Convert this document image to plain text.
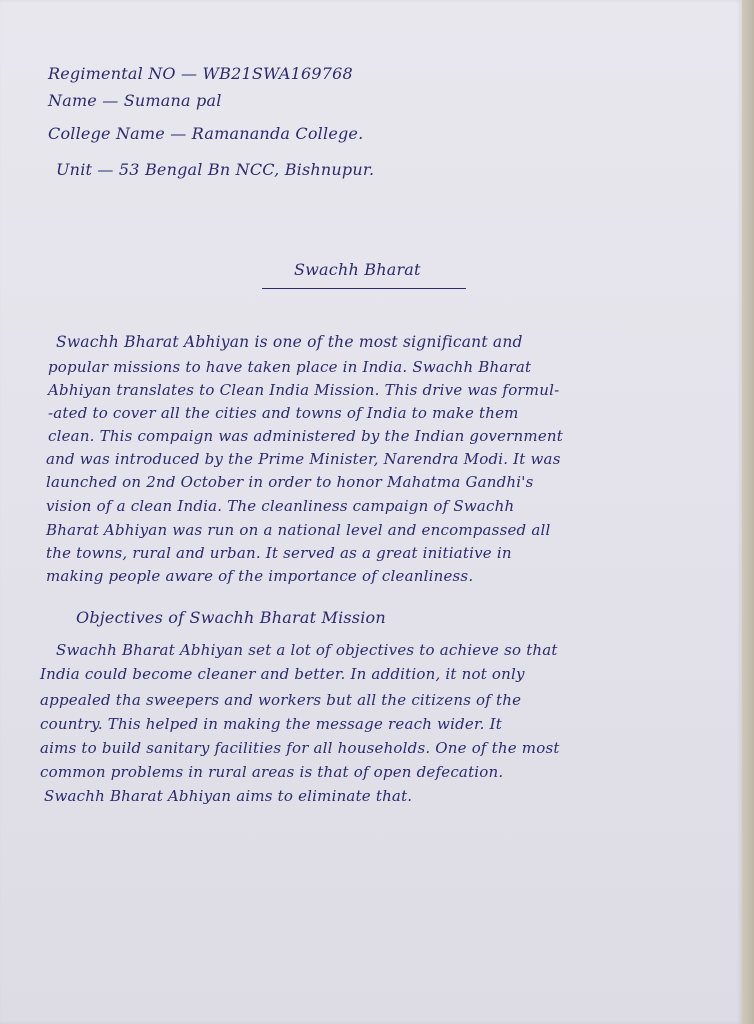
Regimental NO — WB21SWA169768
Name — Sumana pal
College Name — Ramananda College.
Unit — 53 Bengal Bn NCC, Bishnupur.
Swachh Bharat
Swachh Bharat Abhiyan is one of the most significant and
popular missions to have taken place in India. Swachh Bharat
Abhiyan translates to Clean India Mission. This drive was formul-
-ated to cover all the cities and towns of India to make them
clean. This compaign was administered by the Indian government
and was introduced by the Prime Minister, Narendra Modi. It was
launched on 2nd October in order to honor Mahatma Gandhi's
vision of a clean India. The cleanliness campaign of Swachh
Bharat Abhiyan was run on a national level and encompassed all
the towns, rural and urban. It served as a great initiative in
making people aware of the importance of cleanliness.
Objectives of Swachh Bharat Mission
Swachh Bharat Abhiyan set a lot of objectives to achieve so that
India could become cleaner and better. In addition, it not only
appealed tha sweepers and workers but all the citizens of the
country. This helped in making the message reach wider. It
aims to build sanitary facilities for all households. One of the most
common problems in rural areas is that of open defecation.
Swachh Bharat Abhiyan aims to eliminate that.
